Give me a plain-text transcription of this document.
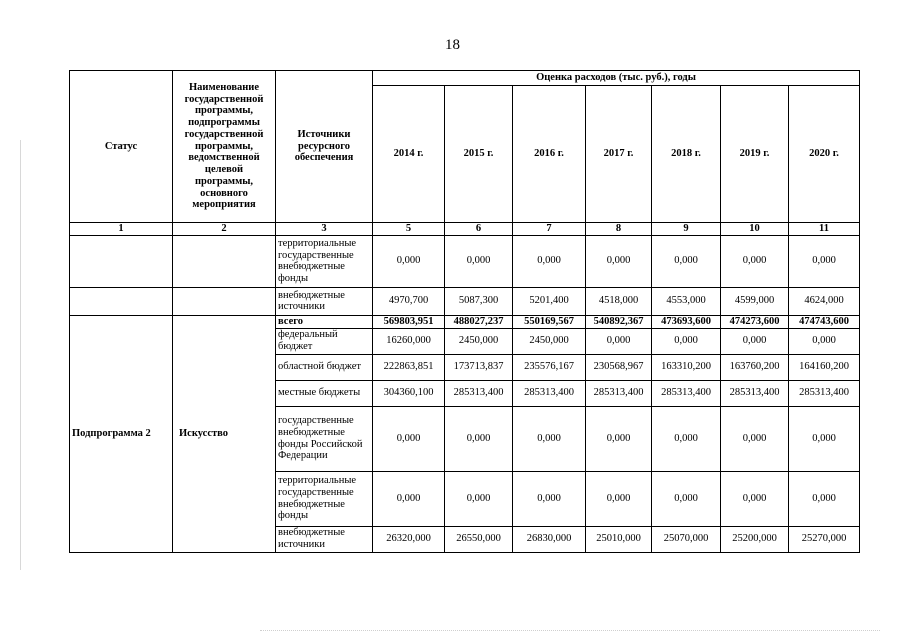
18
Статус	Наименование государственной программы, подпрограммы государственной программы, ведомственной целевой программы, основного мероприятия	Источники ресурсного обеспечения	Оценка расходов (тыс. руб.), годы						
			2014 г.	2015 г.	2016 г.	2017 г.	2018 г.	2019 г.	2020 г.
1	2	3	5	6	7	8	9	10	11
		территориальные государственные внебюджетные фонды	0,000	0,000	0,000	0,000	0,000	0,000	0,000
		внебюджетные источники	4970,700	5087,300	5201,400	4518,000	4553,000	4599,000	4624,000
Подпрограмма 2	Искусство	всего	569803,951	488027,237	550169,567	540892,367	473693,600	474273,600	474743,600
		федеральный бюджет	16260,000	2450,000	2450,000	0,000	0,000	0,000	0,000
		областной бюджет	222863,851	173713,837	235576,167	230568,967	163310,200	163760,200	164160,200
		местные бюджеты	304360,100	285313,400	285313,400	285313,400	285313,400	285313,400	285313,400
		государственные внебюджетные фонды Российской Федерации	0,000	0,000	0,000	0,000	0,000	0,000	0,000
		территориальные государственные внебюджетные фонды	0,000	0,000	0,000	0,000	0,000	0,000	0,000
		внебюджетные источники	26320,000	26550,000	26830,000	25010,000	25070,000	25200,000	25270,000
